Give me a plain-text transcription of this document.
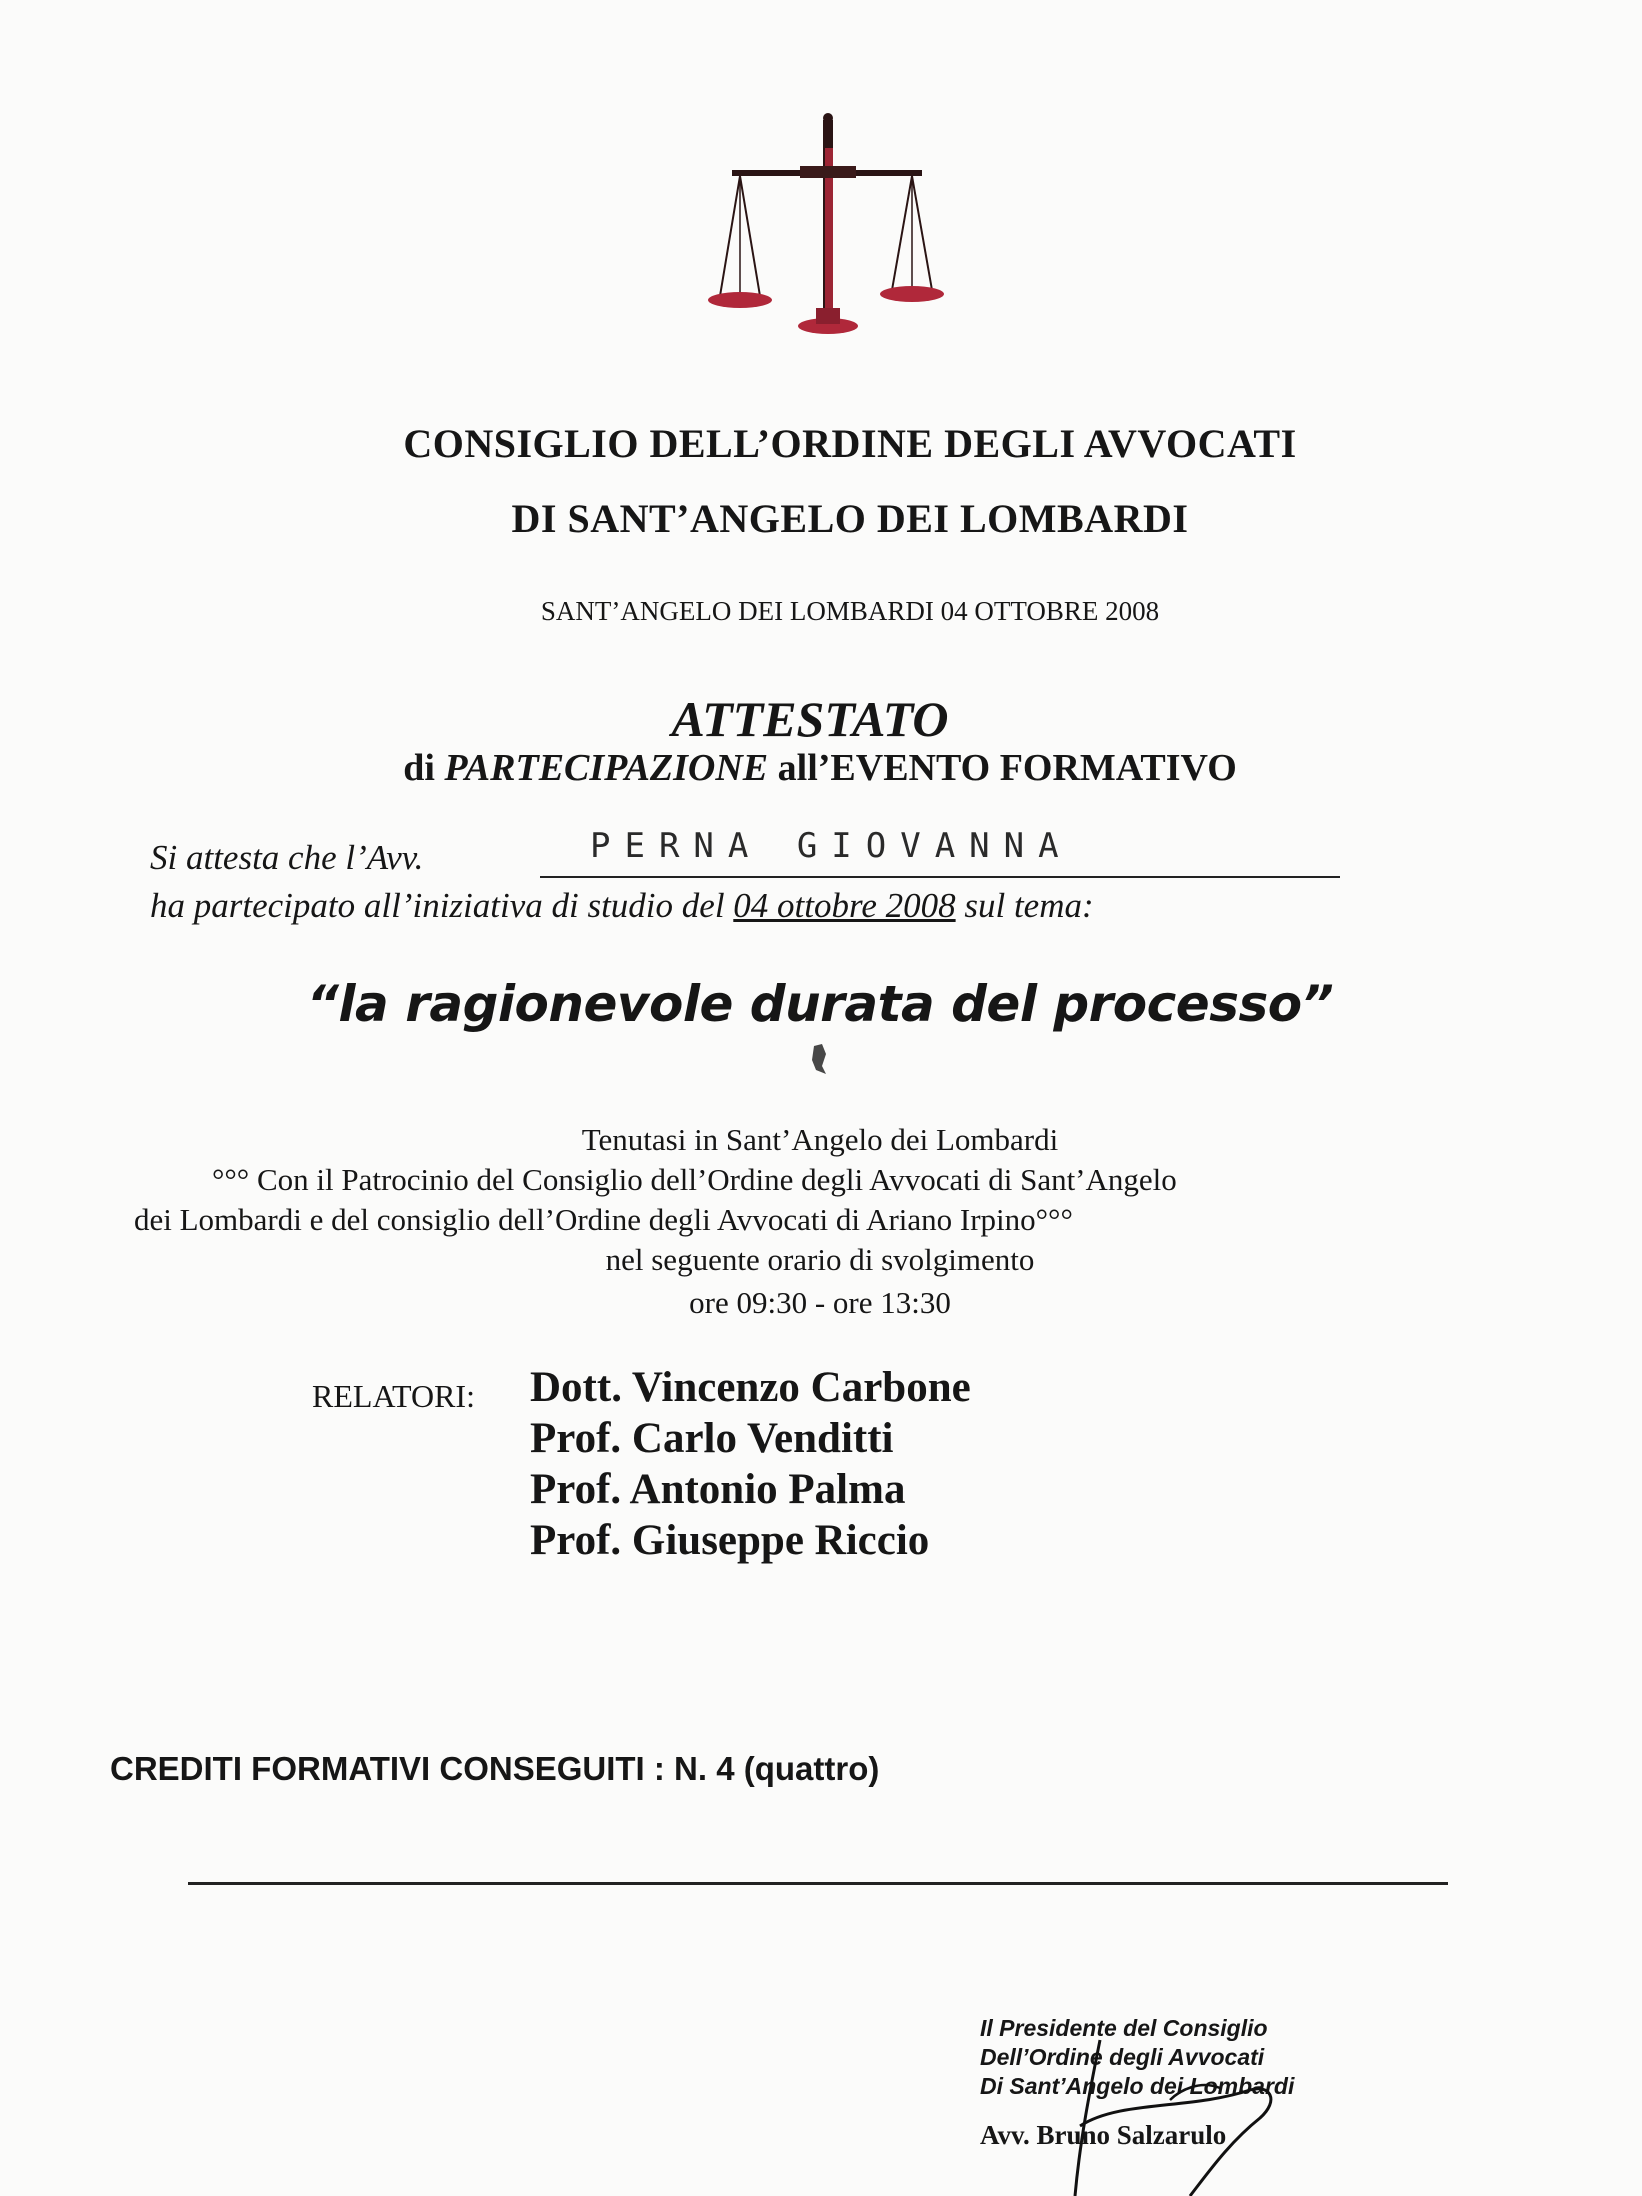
CONSIGLIO DELL’ORDINE DEGLI AVVOCATI
DI SANT’ANGELO DEI LOMBARDI
SANT’ANGELO DEI LOMBARDI 04 OTTOBRE 2008
ATTESTATO
di PARTECIPAZIONE all’EVENTO FORMATIVO
Si attesta che l’Avv.	PERNA GIOVANNA
ha partecipato all’iniziativa di studio del 04 ottobre 2008 sul tema:
“la ragionevole durata del processo”
Tenutasi in Sant’Angelo dei Lombardi
°°° Con il Patrocinio del Consiglio dell’Ordine degli Avvocati di Sant’Angelo
dei Lombardi e del consiglio dell’Ordine degli Avvocati di Ariano Irpino°°°
nel seguente orario di svolgimento
ore 09:30 - ore 13:30
RELATORI: Dott. Vincenzo Carbone
Prof. Carlo Venditti
Prof. Antonio Palma
Prof. Giuseppe Riccio
CREDITI FORMATIVI CONSEGUITI : N. 4 (quattro)
Il Presidente del Consiglio
Dell’Ordine degli Avvocati
Di Sant’Angelo dei Lombardi
Avv. Bruno Salzarulo
